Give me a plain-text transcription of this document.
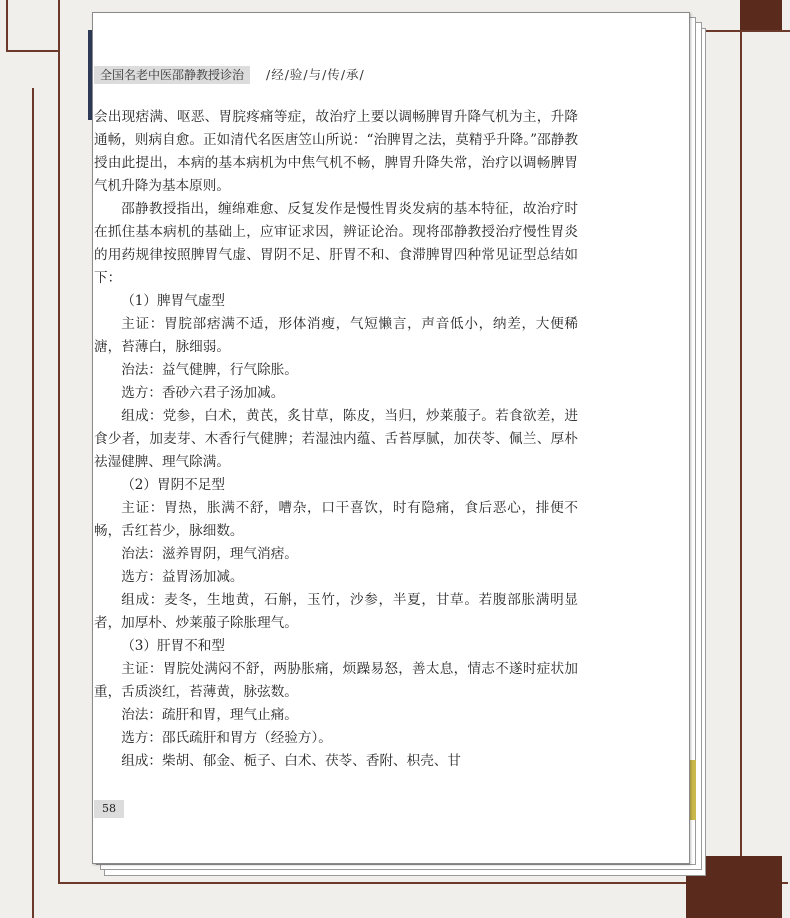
全国名老中医邵静教授诊治	/经/验/与/传/承/

会出现痞满、呕恶、胃脘疼痛等症，故治疗上要以调畅脾胃升降气机为主，升降通畅，则病自愈。正如清代名医唐笠山所说：“治脾胃之法，莫精乎升降。”邵静教授由此提出，本病的基本病机为中焦气机不畅，脾胃升降失常，治疗以调畅脾胃气机升降为基本原则。

邵静教授指出，缠绵难愈、反复发作是慢性胃炎发病的基本特征，故治疗时在抓住基本病机的基础上，应审证求因，辨证论治。现将邵静教授治疗慢性胃炎的用药规律按照脾胃气虚、胃阴不足、肝胃不和、食滞脾胃四种常见证型总结如下：

（1）脾胃气虚型

主证：胃脘部痞满不适，形体消瘦，气短懒言，声音低小，纳差，大便稀溏，苔薄白，脉细弱。

治法：益气健脾，行气除胀。

选方：香砂六君子汤加减。

组成：党参，白术，黄芪，炙甘草，陈皮，当归，炒莱菔子。若食欲差，进食少者，加麦芽、木香行气健脾；若湿浊内蕴、舌苔厚腻，加茯苓、佩兰、厚朴祛湿健脾、理气除满。

（2）胃阴不足型

主证：胃热，胀满不舒，嘈杂，口干喜饮，时有隐痛，食后恶心，排便不畅，舌红苔少，脉细数。

治法：滋养胃阴，理气消痞。

选方：益胃汤加减。

组成：麦冬，生地黄，石斛，玉竹，沙参，半夏，甘草。若腹部胀满明显者，加厚朴、炒莱菔子除胀理气。

（3）肝胃不和型

主证：胃脘处满闷不舒，两胁胀痛，烦躁易怒，善太息，情志不遂时症状加重，舌质淡红，苔薄黄，脉弦数。

治法：疏肝和胃，理气止痛。

选方：邵氏疏肝和胃方（经验方）。

组成：柴胡、郁金、栀子、白术、茯苓、香附、枳壳、甘

58
